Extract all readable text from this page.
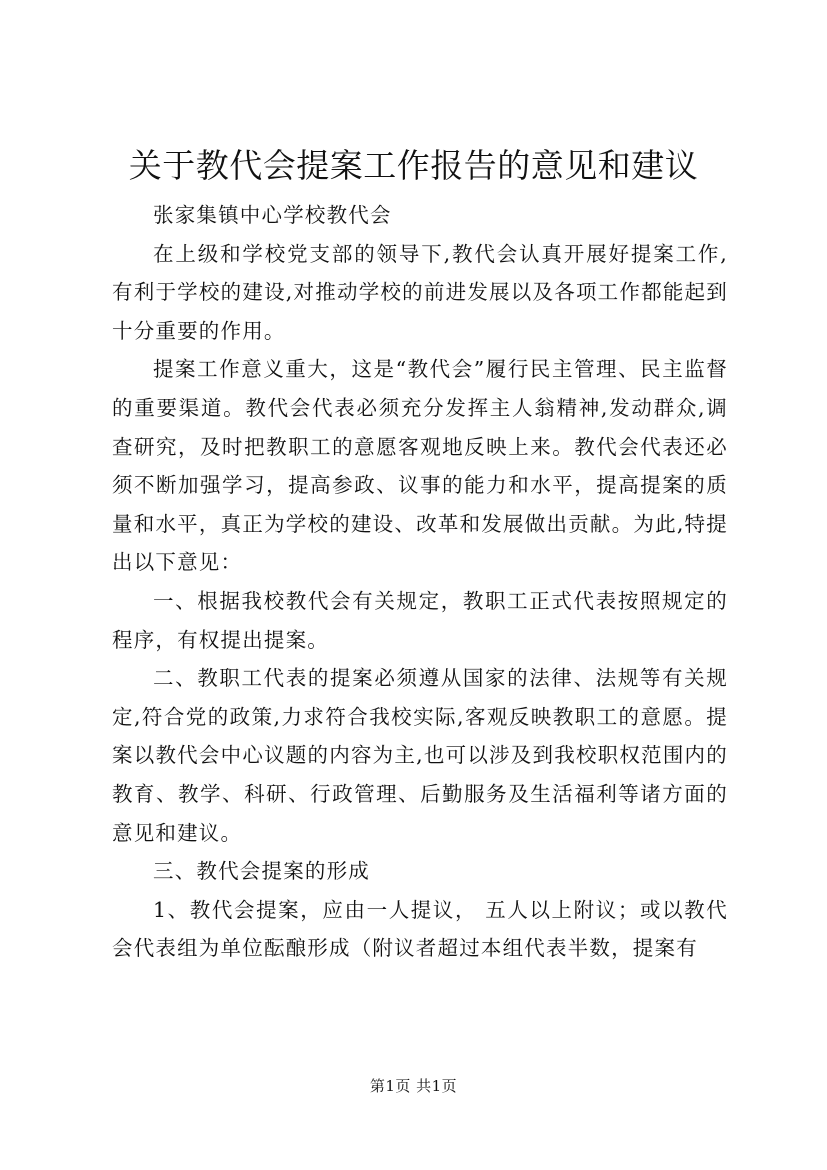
关于教代会提案工作报告的意见和建议

张家集镇中心学校教代会

在上级和学校党支部的领导下,教代会认真开展好提案工作,有利于学校的建设,对推动学校的前进发展以及各项工作都能起到十分重要的作用。

提案工作意义重大，这是“教代会”履行民主管理、民主监督的重要渠道。教代会代表必须充分发挥主人翁精神,发动群众,调查研究，及时把教职工的意愿客观地反映上来。教代会代表还必须不断加强学习，提高参政、议事的能力和水平，提高提案的质量和水平，真正为学校的建设、改革和发展做出贡献。为此,特提出以下意见：

一、根据我校教代会有关规定，教职工正式代表按照规定的程序，有权提出提案。

二、教职工代表的提案必须遵从国家的法律、法规等有关规定,符合党的政策,力求符合我校实际,客观反映教职工的意愿。提案以教代会中心议题的内容为主,也可以涉及到我校职权范围内的教育、教学、科研、行政管理、后勤服务及生活福利等诸方面的意见和建议。

三、教代会提案的形成

1、教代会提案，应由一人提议， 五人以上附议；或以教代会代表组为单位酝酿形成（附议者超过本组代表半数，提案有

第1页 共1页
